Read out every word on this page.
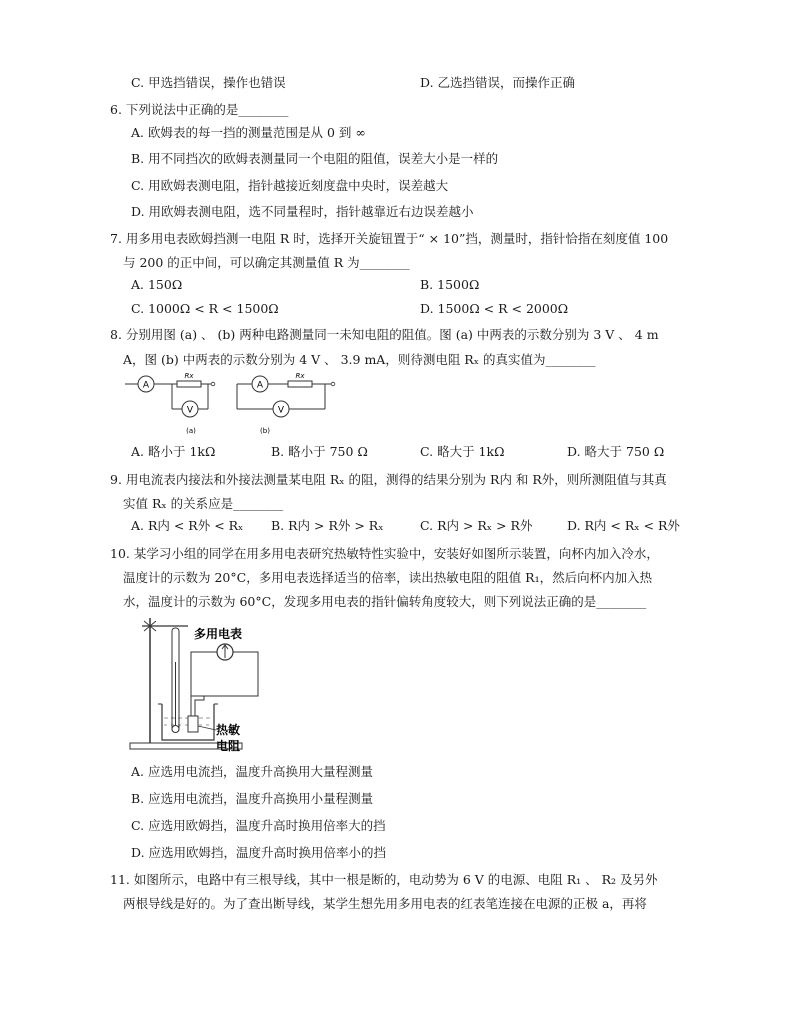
C. 甲选挡错误，操作也错误	D. 乙选挡错误，而操作正确
6. 下列说法中正确的是________
A. 欧姆表的每一挡的测量范围是从 0 到 ∞
B. 用不同挡次的欧姆表测量同一个电阻的阻值，误差大小是一样的
C. 用欧姆表测电阻，指针越接近刻度盘中央时，误差越大
D. 用欧姆表测电阻，选不同量程时，指针越靠近右边误差越小
7. 用多用电表欧姆挡测一电阻 R 时，选择开关旋钮置于“ × 10”挡，测量时，指针恰指在刻度值 100
与 200 的正中间，可以确定其测量值 R 为________
A. 150Ω	B. 1500Ω
C. 1000Ω < R < 1500Ω	D. 1500Ω < R < 2000Ω
8. 分别用图 (a) 、 (b) 两种电路测量同一未知电阻的阻值。图 (a) 中两表的示数分别为 3 V 、 4 m
A，图 (b) 中两表的示数分别为 4 V 、 3.9 mA，则待测电阻 Rₓ 的真实值为________
A
Rx
V
(a)
A
Rx
V
(b)
A. 略小于 1kΩ	B. 略小于 750 Ω	C. 略大于 1kΩ	D. 略大于 750 Ω
9. 用电流表内接法和外接法测量某电阻 Rₓ 的阻，测得的结果分别为 R内 和 R外，则所测阻值与其真
实值 Rₓ 的关系应是________
A. R内 < R外 < Rₓ B. R内 > R外 > Rₓ	C. R内 > Rₓ > R外	D. R内 < Rₓ < R外
10. 某学习小组的同学在用多用电表研究热敏特性实验中，安装好如图所示装置，向杯内加入冷水，
温度计的示数为 20°C，多用电表选择适当的倍率，读出热敏电阻的阻值 R₁，然后向杯内加入热
水，温度计的示数为 60°C，发现多用电表的指针偏转角度较大，则下列说法正确的是________
多用电表
热敏
电阻
A. 应选用电流挡，温度升高换用大量程测量
B. 应选用电流挡，温度升高换用小量程测量
C. 应选用欧姆挡，温度升高时换用倍率大的挡
D. 应选用欧姆挡，温度升高时换用倍率小的挡
11. 如图所示，电路中有三根导线，其中一根是断的，电动势为 6 V 的电源、电阻 R₁ 、 R₂ 及另外
两根导线是好的。为了查出断导线，某学生想先用多用电表的红表笔连接在电源的正极 a，再将
